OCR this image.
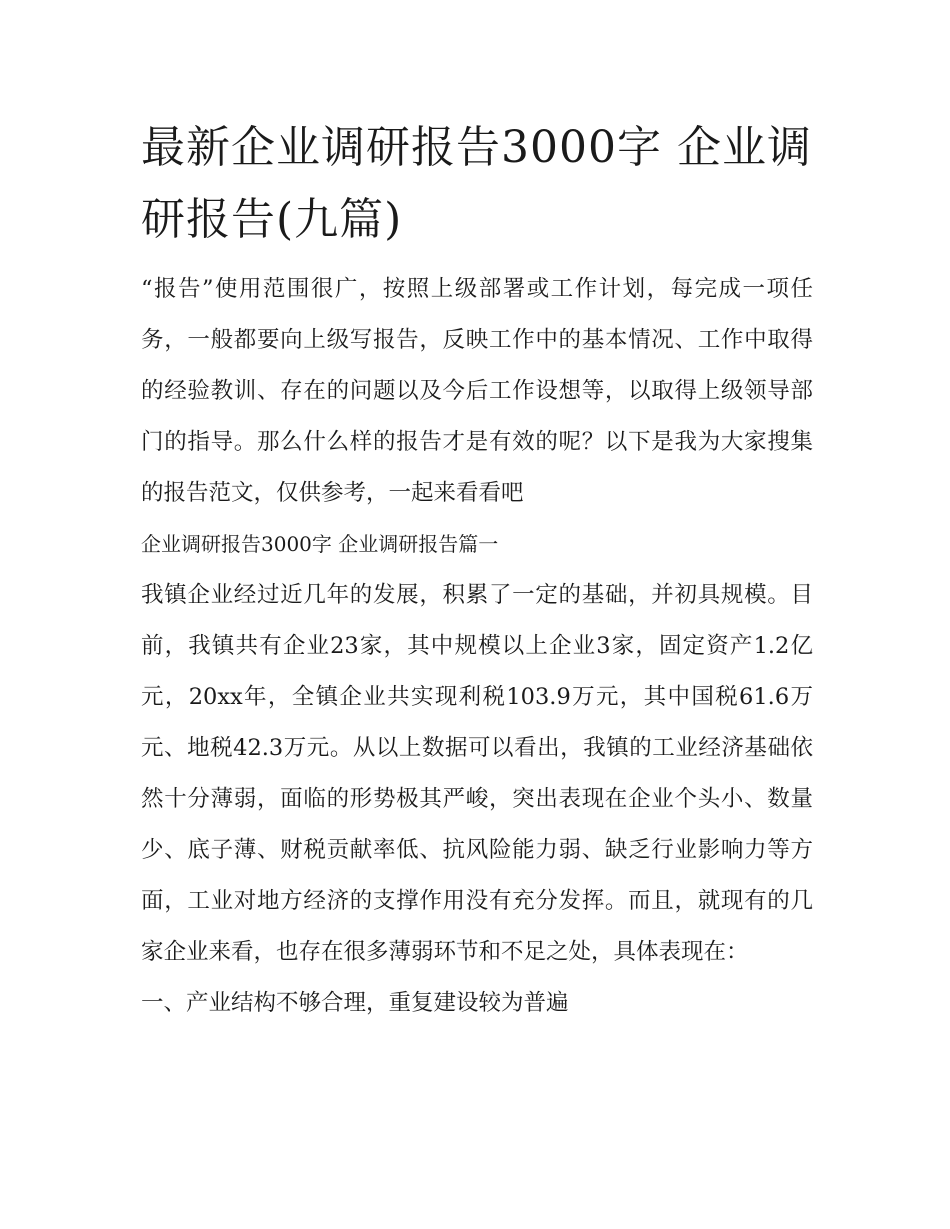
最新企业调研报告3000字 企业调研报告(九篇)

“报告”使用范围很广，按照上级部署或工作计划，每完成一项任务，一般都要向上级写报告，反映工作中的基本情况、工作中取得的经验教训、存在的问题以及今后工作设想等，以取得上级领导部门的指导。那么什么样的报告才是有效的呢？以下是我为大家搜集的报告范文，仅供参考，一起来看看吧

企业调研报告3000字 企业调研报告篇一

我镇企业经过近几年的发展，积累了一定的基础，并初具规模。目前，我镇共有企业23家，其中规模以上企业3家，固定资产1.2亿元，20xx年，全镇企业共实现利税103.9万元，其中国税61.6万元、地税42.3万元。从以上数据可以看出，我镇的工业经济基础依然十分薄弱，面临的形势极其严峻，突出表现在企业个头小、数量少、底子薄、财税贡献率低、抗风险能力弱、缺乏行业影响力等方面，工业对地方经济的支撑作用没有充分发挥。而且，就现有的几家企业来看，也存在很多薄弱环节和不足之处，具体表现在：

一、产业结构不够合理，重复建设较为普遍
